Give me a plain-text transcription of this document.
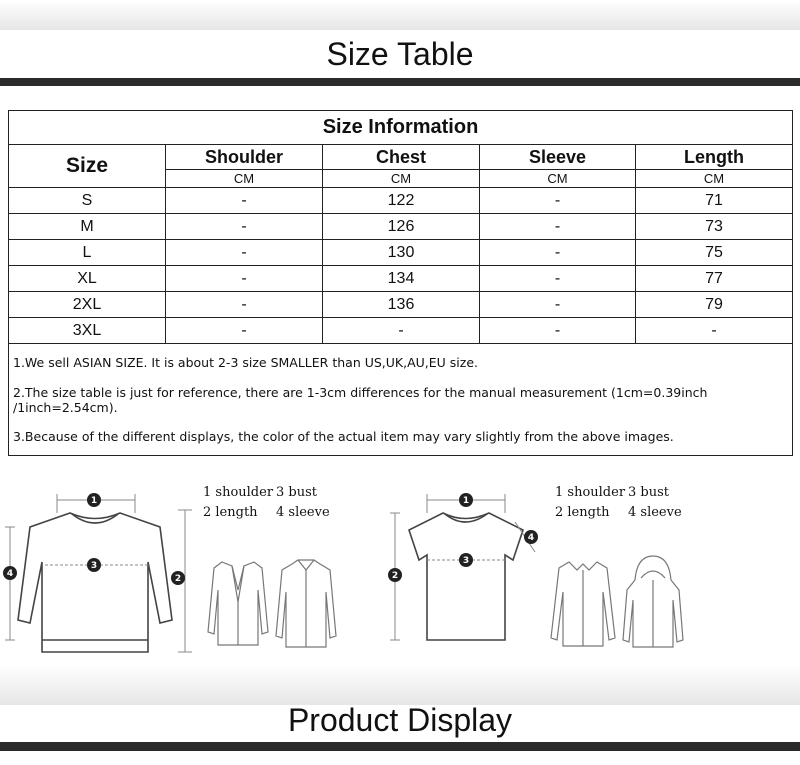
Size Table
Size Information				
Size	Shoulder	Chest	Sleeve	Length
	CM	CM	CM	CM
S	-	122	-	71
M	-	126	-	73
L	-	130	-	75
XL	-	134	-	77
2XL	-	136	-	79
3XL	-	-	-	-
1.We sell ASIAN SIZE. It is about 2-3 size SMALLER than US,UK,AU,EU size.				
2.The size table is just for reference, there are 1-3cm differences for the manual measurement (1cm=0.39inch /1inch=2.54cm).				
3.Because of the different displays, the color of the actual item may vary slightly from the above images.				
1
3
2
4
1 shoulder 3 bust
2 length 4 sleeve
1
3
2
4
1 shoulder 3 bust
2 length 4 sleeve
Product Display
